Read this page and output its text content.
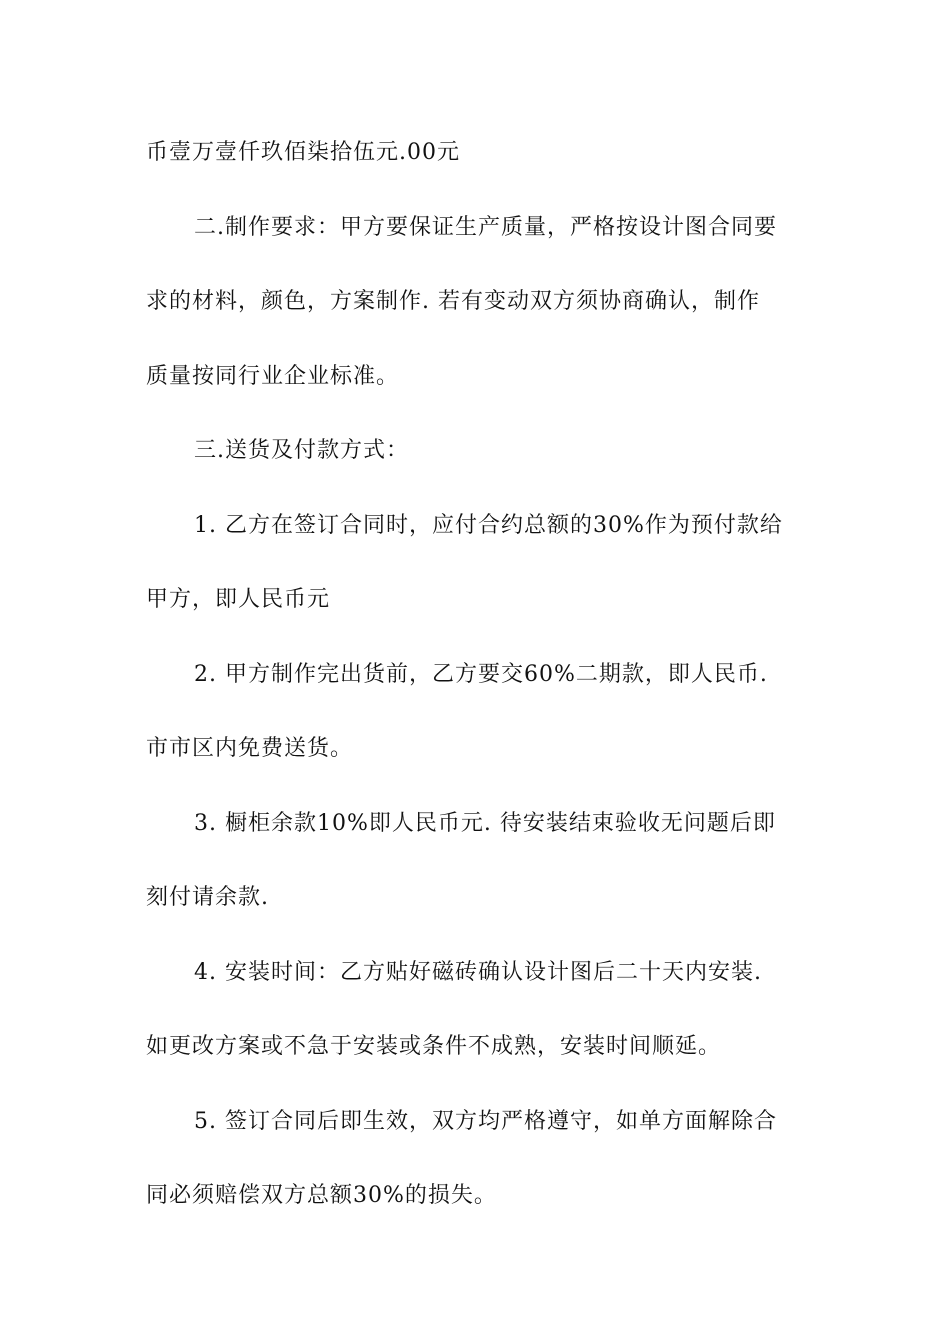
币壹万壹仟玖佰柒拾伍元.00元
二.制作要求：甲方要保证生产质量，严格按设计图合同要
求的材料，颜色，方案制作. 若有变动双方须协商确认，制作
质量按同行业企业标准。
三.送货及付款方式：
1. 乙方在签订合同时，应付合约总额的30%作为预付款给
甲方，即人民币元
2. 甲方制作完出货前，乙方要交60%二期款，即人民币.
市市区内免费送货。
3. 橱柜余款10%即人民币元. 待安装结束验收无问题后即
刻付请余款.
4. 安装时间：乙方贴好磁砖确认设计图后二十天内安装.
如更改方案或不急于安装或条件不成熟，安装时间顺延。
5. 签订合同后即生效，双方均严格遵守，如单方面解除合
同必须赔偿双方总额30%的损失。
